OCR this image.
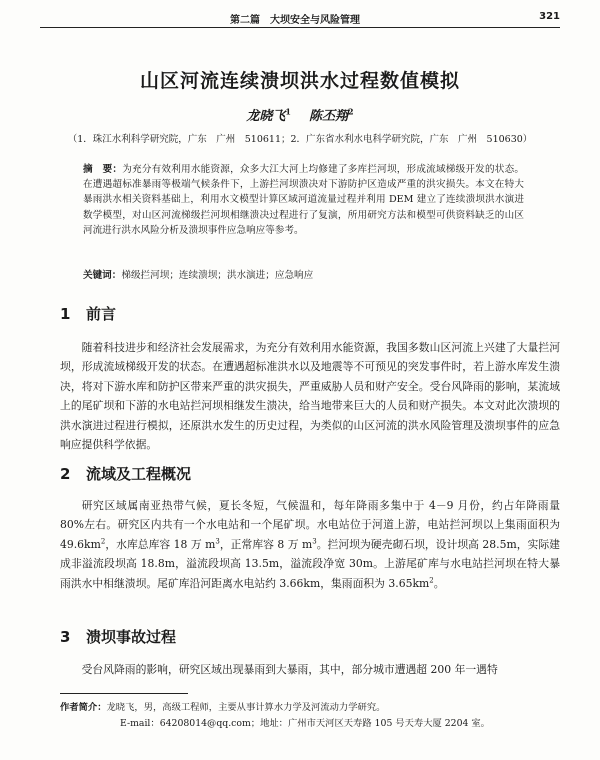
第二篇　大坝安全与风险管理	321
山区河流连续溃坝洪水过程数值模拟
龙晓飞$^1$ 陈丕翔$^2$
（1．珠江水利科学研究院，广东　广州　510611；2．广东省水利水电科学研究院，广东　广州　510630）
摘　要：为充分有效利用水能资源，众多大江大河上均修建了多库拦河坝，形成流域梯级开发的状态。在遭遇超标准暴雨等极端气候条件下，上游拦河坝溃决对下游防护区造成严重的洪灾损失。本文在特大暴雨洪水相关资料基础上，利用水文模型计算区域河道流量过程并利用 DEM 建立了连续溃坝洪水演进数学模型，对山区河流梯级拦河坝相继溃决过程进行了复演，所用研究方法和模型可供资料缺乏的山区河流进行洪水风险分析及溃坝事件应急响应等参考。
关键词：梯级拦河坝；连续溃坝；洪水演进；应急响应
1 前言
随着科技进步和经济社会发展需求，为充分有效利用水能资源，我国多数山区河流上兴建了大量拦河坝，形成流域梯级开发的状态。在遭遇超标准洪水以及地震等不可预见的突发事件时，若上游水库发生溃决，将对下游水库和防护区带来严重的洪灾损失，严重威胁人员和财产安全。受台风降雨的影响，某流域上的尾矿坝和下游的水电站拦河坝相继发生溃决，给当地带来巨大的人员和财产损失。本文对此次溃坝的洪水演进过程进行模拟，还原洪水发生的历史过程，为类似的山区河流的洪水风险管理及溃坝事件的应急响应提供科学依据。
2 流域及工程概况
研究区域属南亚热带气候，夏长冬短，气候温和，每年降雨多集中于 4－9 月份，约占年降雨量 80%左右。研究区内共有一个水电站和一个尾矿坝。水电站位于河道上游，电站拦河坝以上集雨面积为 $49.6km^2$，水库总库容 18 万 $m^3$，正常库容 8 万 $m^3$。拦河坝为硬壳砌石坝，设计坝高 28.5m，实际建成非溢流段坝高 18.8m，溢流段坝高 13.5m，溢流段净宽 30m。上游尾矿库与水电站拦河坝在特大暴雨洪水中相继溃坝。尾矿库沿河距离水电站约 3.66km，集雨面积为 $3.65km^2$。
3 溃坝事故过程
受台风降雨的影响，研究区域出现暴雨到大暴雨，其中，部分城市遭遇超 200 年一遇特
作者简介：龙晓飞，男，高级工程师，主要从事计算水力学及河流动力学研究。
E-mail：64208014@qq.com；地址：广州市天河区天寿路 105 号天寿大厦 2204 室。
